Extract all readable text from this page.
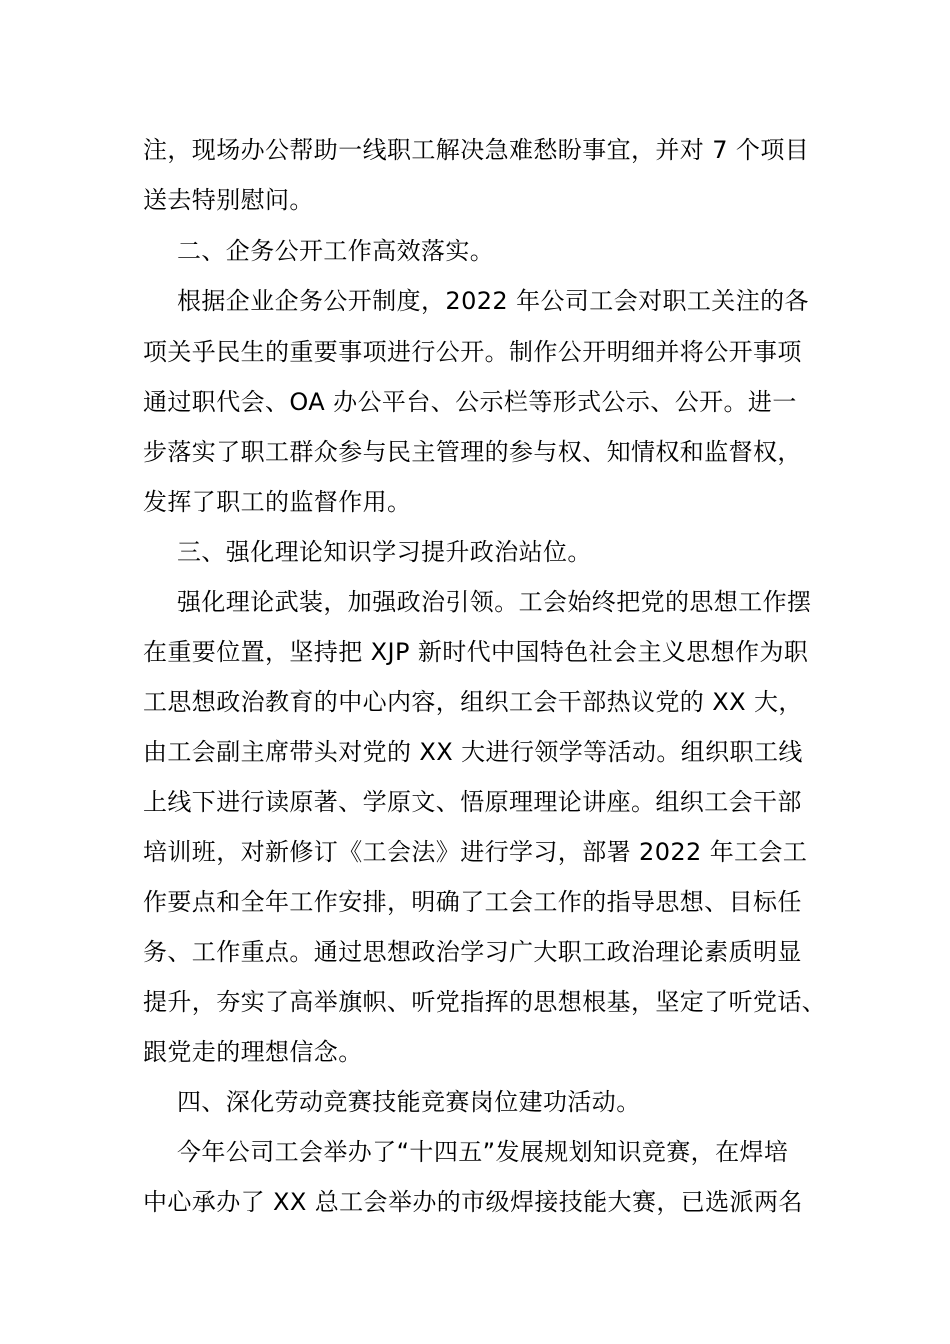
注，现场办公帮助一线职工解决急难愁盼事宜，并对 7 个项目
送去特别慰问。
二、企务公开工作高效落实。
根据企业企务公开制度，2022 年公司工会对职工关注的各
项关乎民生的重要事项进行公开。制作公开明细并将公开事项
通过职代会、OA 办公平台、公示栏等形式公示、公开。进一
步落实了职工群众参与民主管理的参与权、知情权和监督权，
发挥了职工的监督作用。
三、强化理论知识学习提升政治站位。
强化理论武装，加强政治引领。工会始终把党的思想工作摆
在重要位置，坚持把 XJP 新时代中国特色社会主义思想作为职
工思想政治教育的中心内容，组织工会干部热议党的 XX 大，
由工会副主席带头对党的 XX 大进行领学等活动。组织职工线
上线下进行读原著、学原文、悟原理理论讲座。组织工会干部
培训班，对新修订《工会法》进行学习，部署 2022 年工会工
作要点和全年工作安排，明确了工会工作的指导思想、目标任
务、工作重点。通过思想政治学习广大职工政治理论素质明显
提升，夯实了高举旗帜、听党指挥的思想根基，坚定了听党话、
跟党走的理想信念。
四、深化劳动竞赛技能竞赛岗位建功活动。
今年公司工会举办了“十四五”发展规划知识竞赛，在焊培
中心承办了 XX 总工会举办的市级焊接技能大赛，已选派两名
